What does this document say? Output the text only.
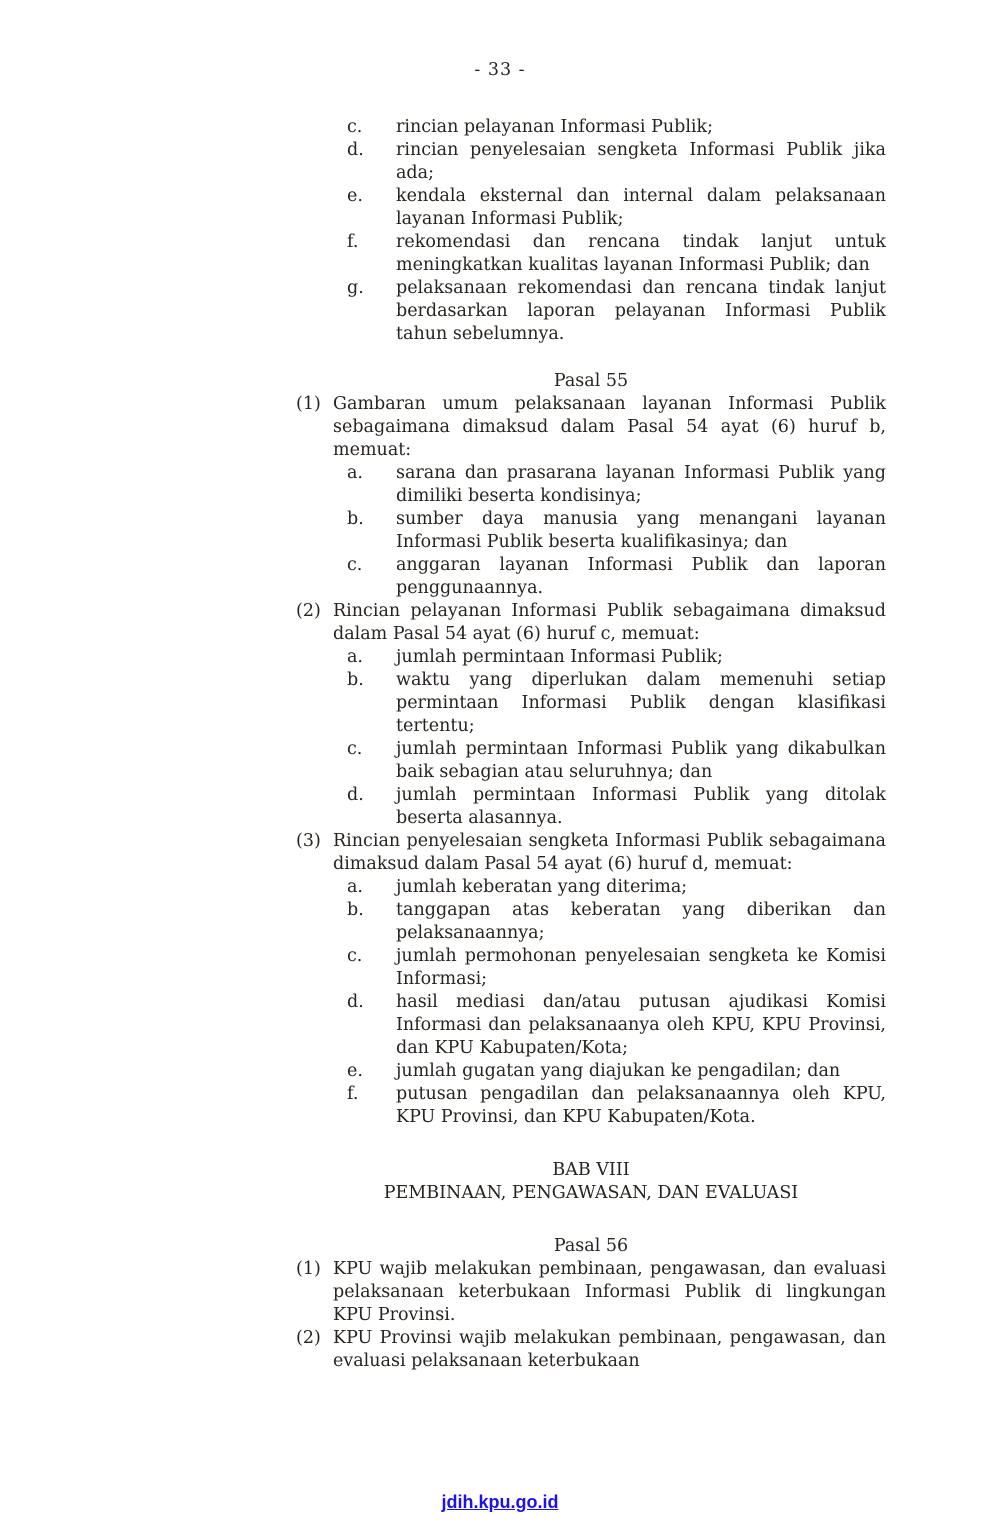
- 33 -
c.	rincian pelayanan Informasi Publik;
d.	rincian penyelesaian sengketa Informasi Publik jika ada;
e.	kendala eksternal dan internal dalam pelaksanaan layanan Informasi Publik;
f.	rekomendasi dan rencana tindak lanjut untuk meningkatkan kualitas layanan Informasi Publik; dan
g.	pelaksanaan rekomendasi dan rencana tindak lanjut berdasarkan laporan pelayanan Informasi Publik tahun sebelumnya.
Pasal 55
(1) Gambaran umum pelaksanaan layanan Informasi Publik sebagaimana dimaksud dalam Pasal 54 ayat (6) huruf b, memuat:
a.	sarana dan prasarana layanan Informasi Publik yang dimiliki beserta kondisinya;
b.	sumber daya manusia yang menangani layanan Informasi Publik beserta kualifikasinya; dan
c.	anggaran layanan Informasi Publik dan laporan penggunaannya.
(2) Rincian pelayanan Informasi Publik sebagaimana dimaksud dalam Pasal 54 ayat (6) huruf c, memuat:
a.	jumlah permintaan Informasi Publik;
b.	waktu yang diperlukan dalam memenuhi setiap permintaan Informasi Publik dengan klasifikasi tertentu;
c.	jumlah permintaan Informasi Publik yang dikabulkan baik sebagian atau seluruhnya; dan
d.	jumlah permintaan Informasi Publik yang ditolak beserta alasannya.
(3) Rincian penyelesaian sengketa Informasi Publik sebagaimana dimaksud dalam Pasal 54 ayat (6) huruf d, memuat:
a.	jumlah keberatan yang diterima;
b.	tanggapan atas keberatan yang diberikan dan pelaksanaannya;
c.	jumlah permohonan penyelesaian sengketa ke Komisi Informasi;
d.	hasil mediasi dan/atau putusan ajudikasi Komisi Informasi dan pelaksanaanya oleh KPU, KPU Provinsi, dan KPU Kabupaten/Kota;
e.	jumlah gugatan yang diajukan ke pengadilan; dan
f.	putusan pengadilan dan pelaksanaannya oleh KPU, KPU Provinsi, dan KPU Kabupaten/Kota.
BAB VIII
PEMBINAAN, PENGAWASAN, DAN EVALUASI
Pasal 56
(1) KPU wajib melakukan pembinaan, pengawasan, dan evaluasi pelaksanaan keterbukaan Informasi Publik di lingkungan KPU Provinsi.
(2) KPU Provinsi wajib melakukan pembinaan, pengawasan, dan evaluasi pelaksanaan keterbukaan
jdih.kpu.go.id
